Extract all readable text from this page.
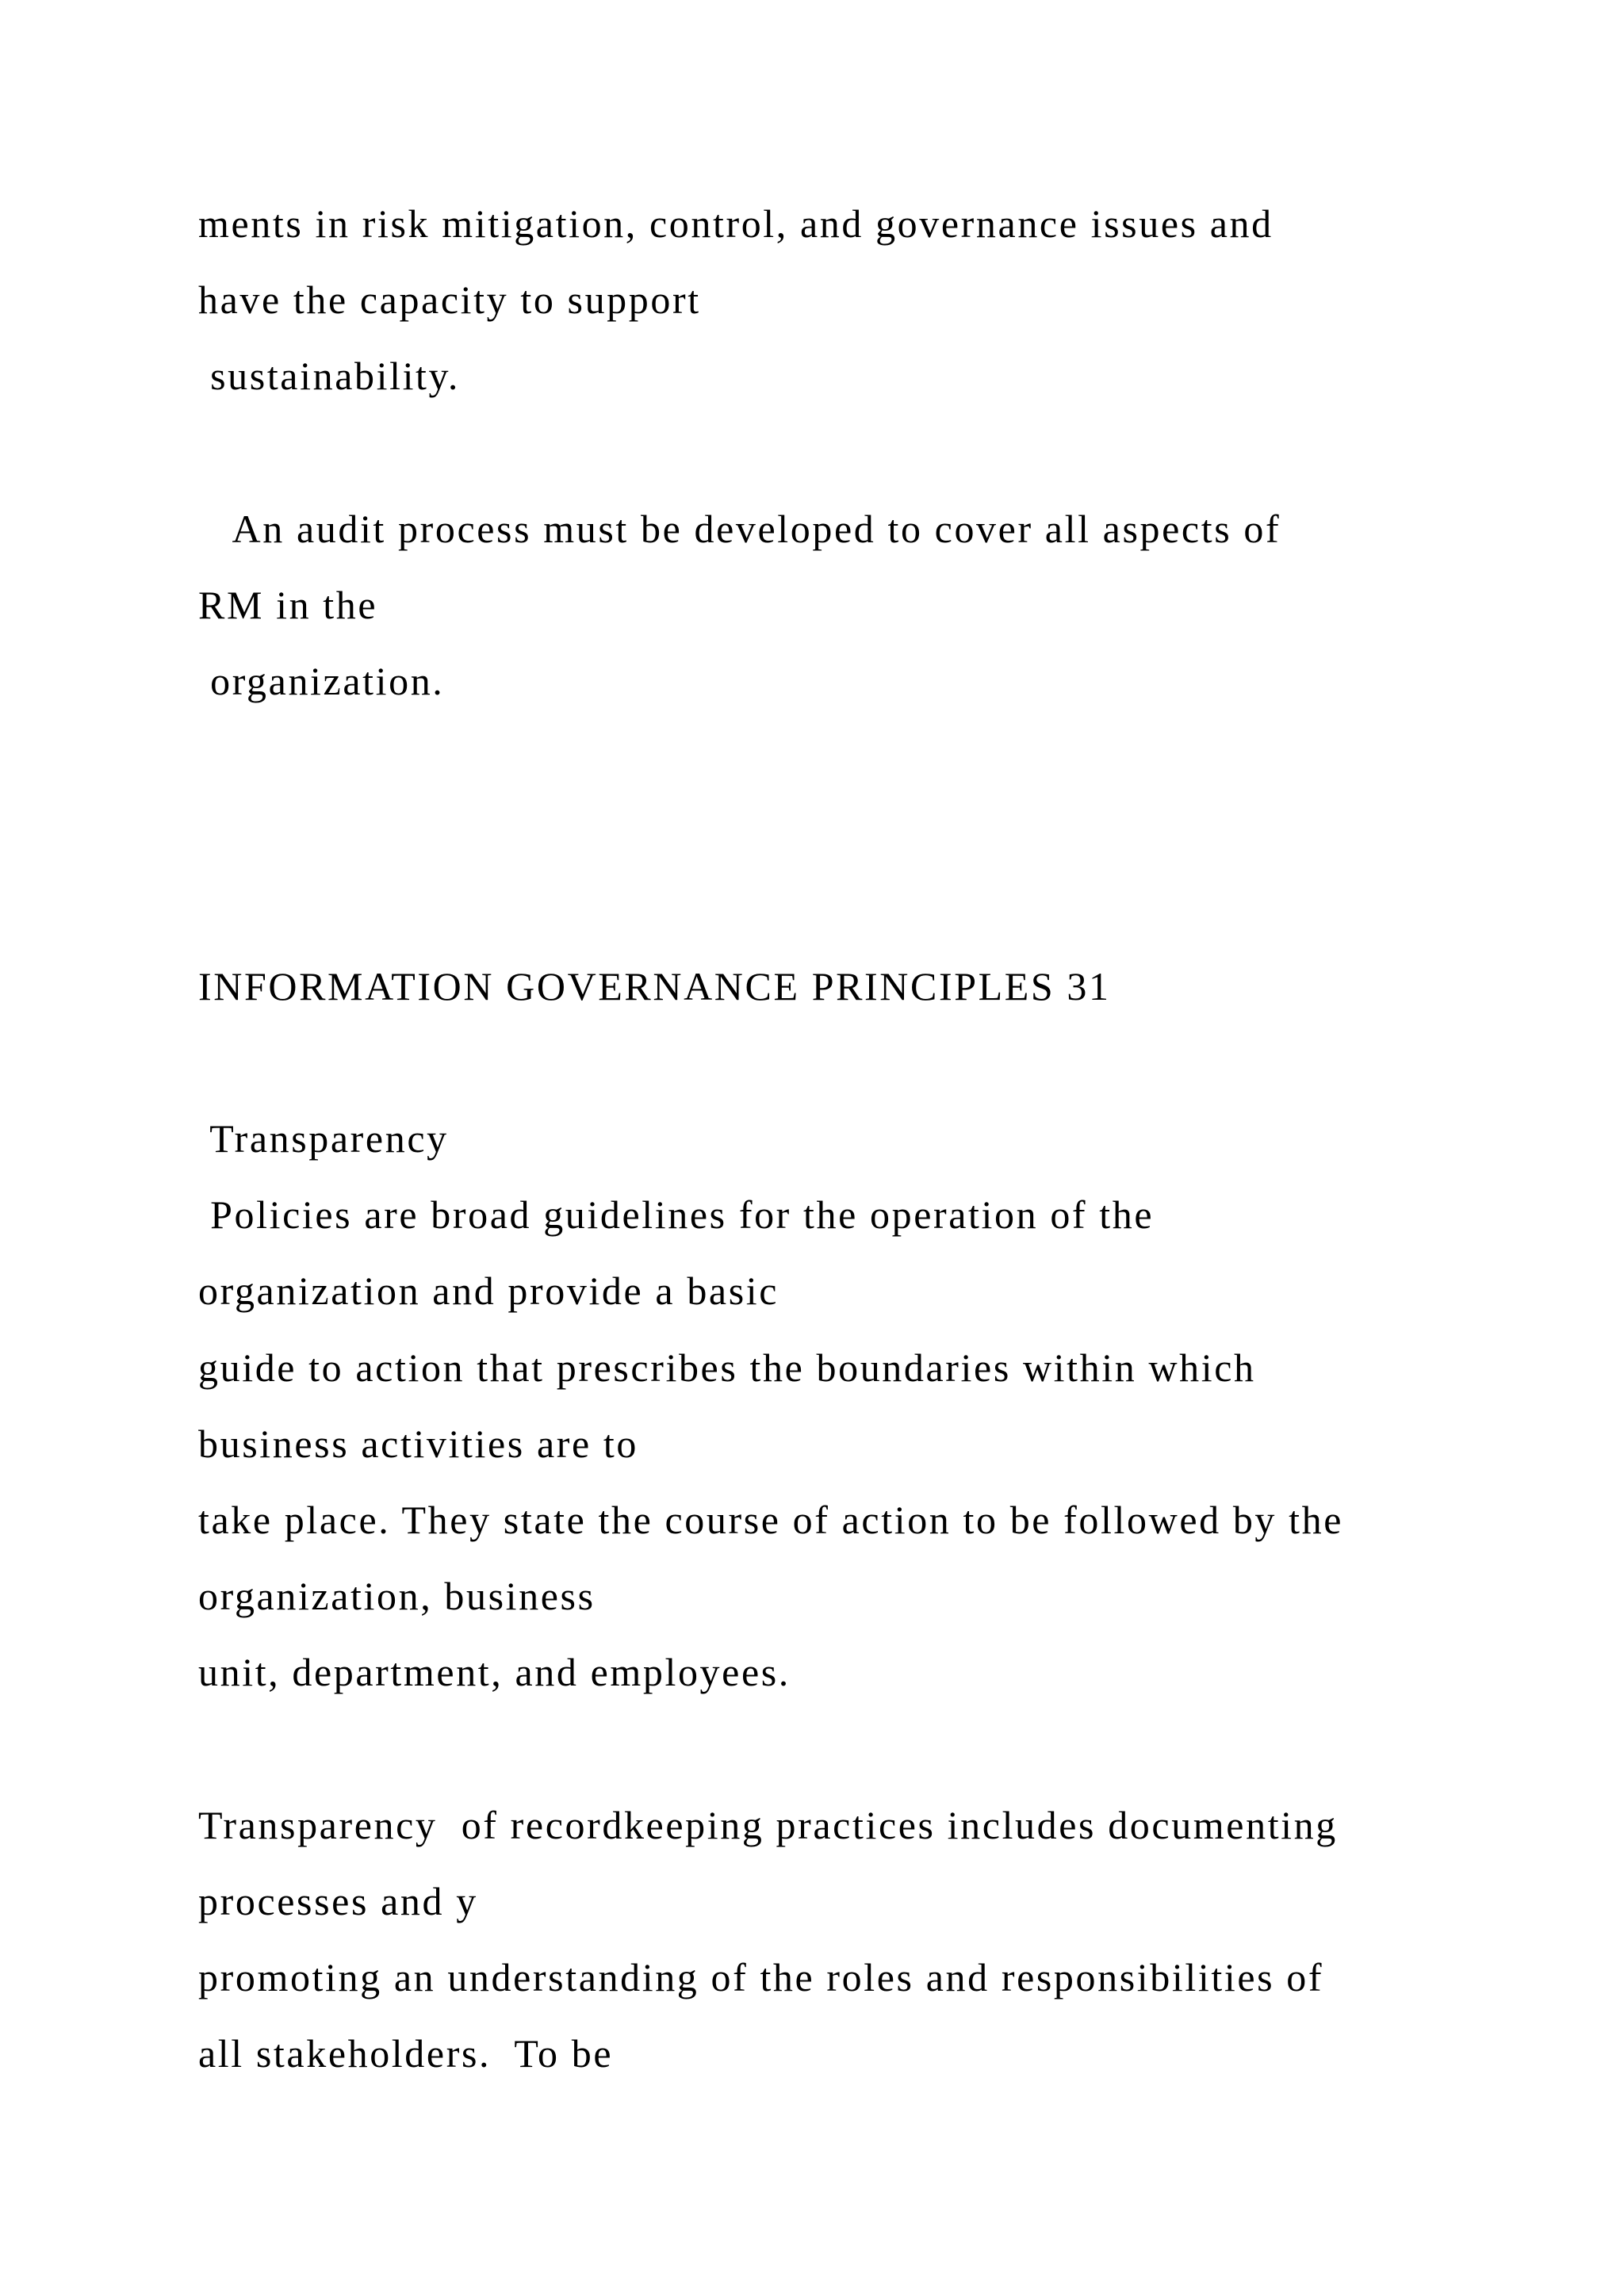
ments in risk mitigation, control, and governance issues and

have the capacity to support

sustainability.

An audit process must be developed to cover all aspects of

RM in the

organization.

INFORMATION GOVERNANCE PRINCIPLES 31

Transparency

Policies are broad guidelines for the operation of the

organization and provide a basic

guide to action that prescribes the boundaries within which

business activities are to

take place. They state the course of action to be followed by the

organization, business

unit, department, and employees.

Transparency  of recordkeeping practices includes documenting

processes and y

promoting an understanding of the roles and responsibilities of

all stakeholders.  To be
